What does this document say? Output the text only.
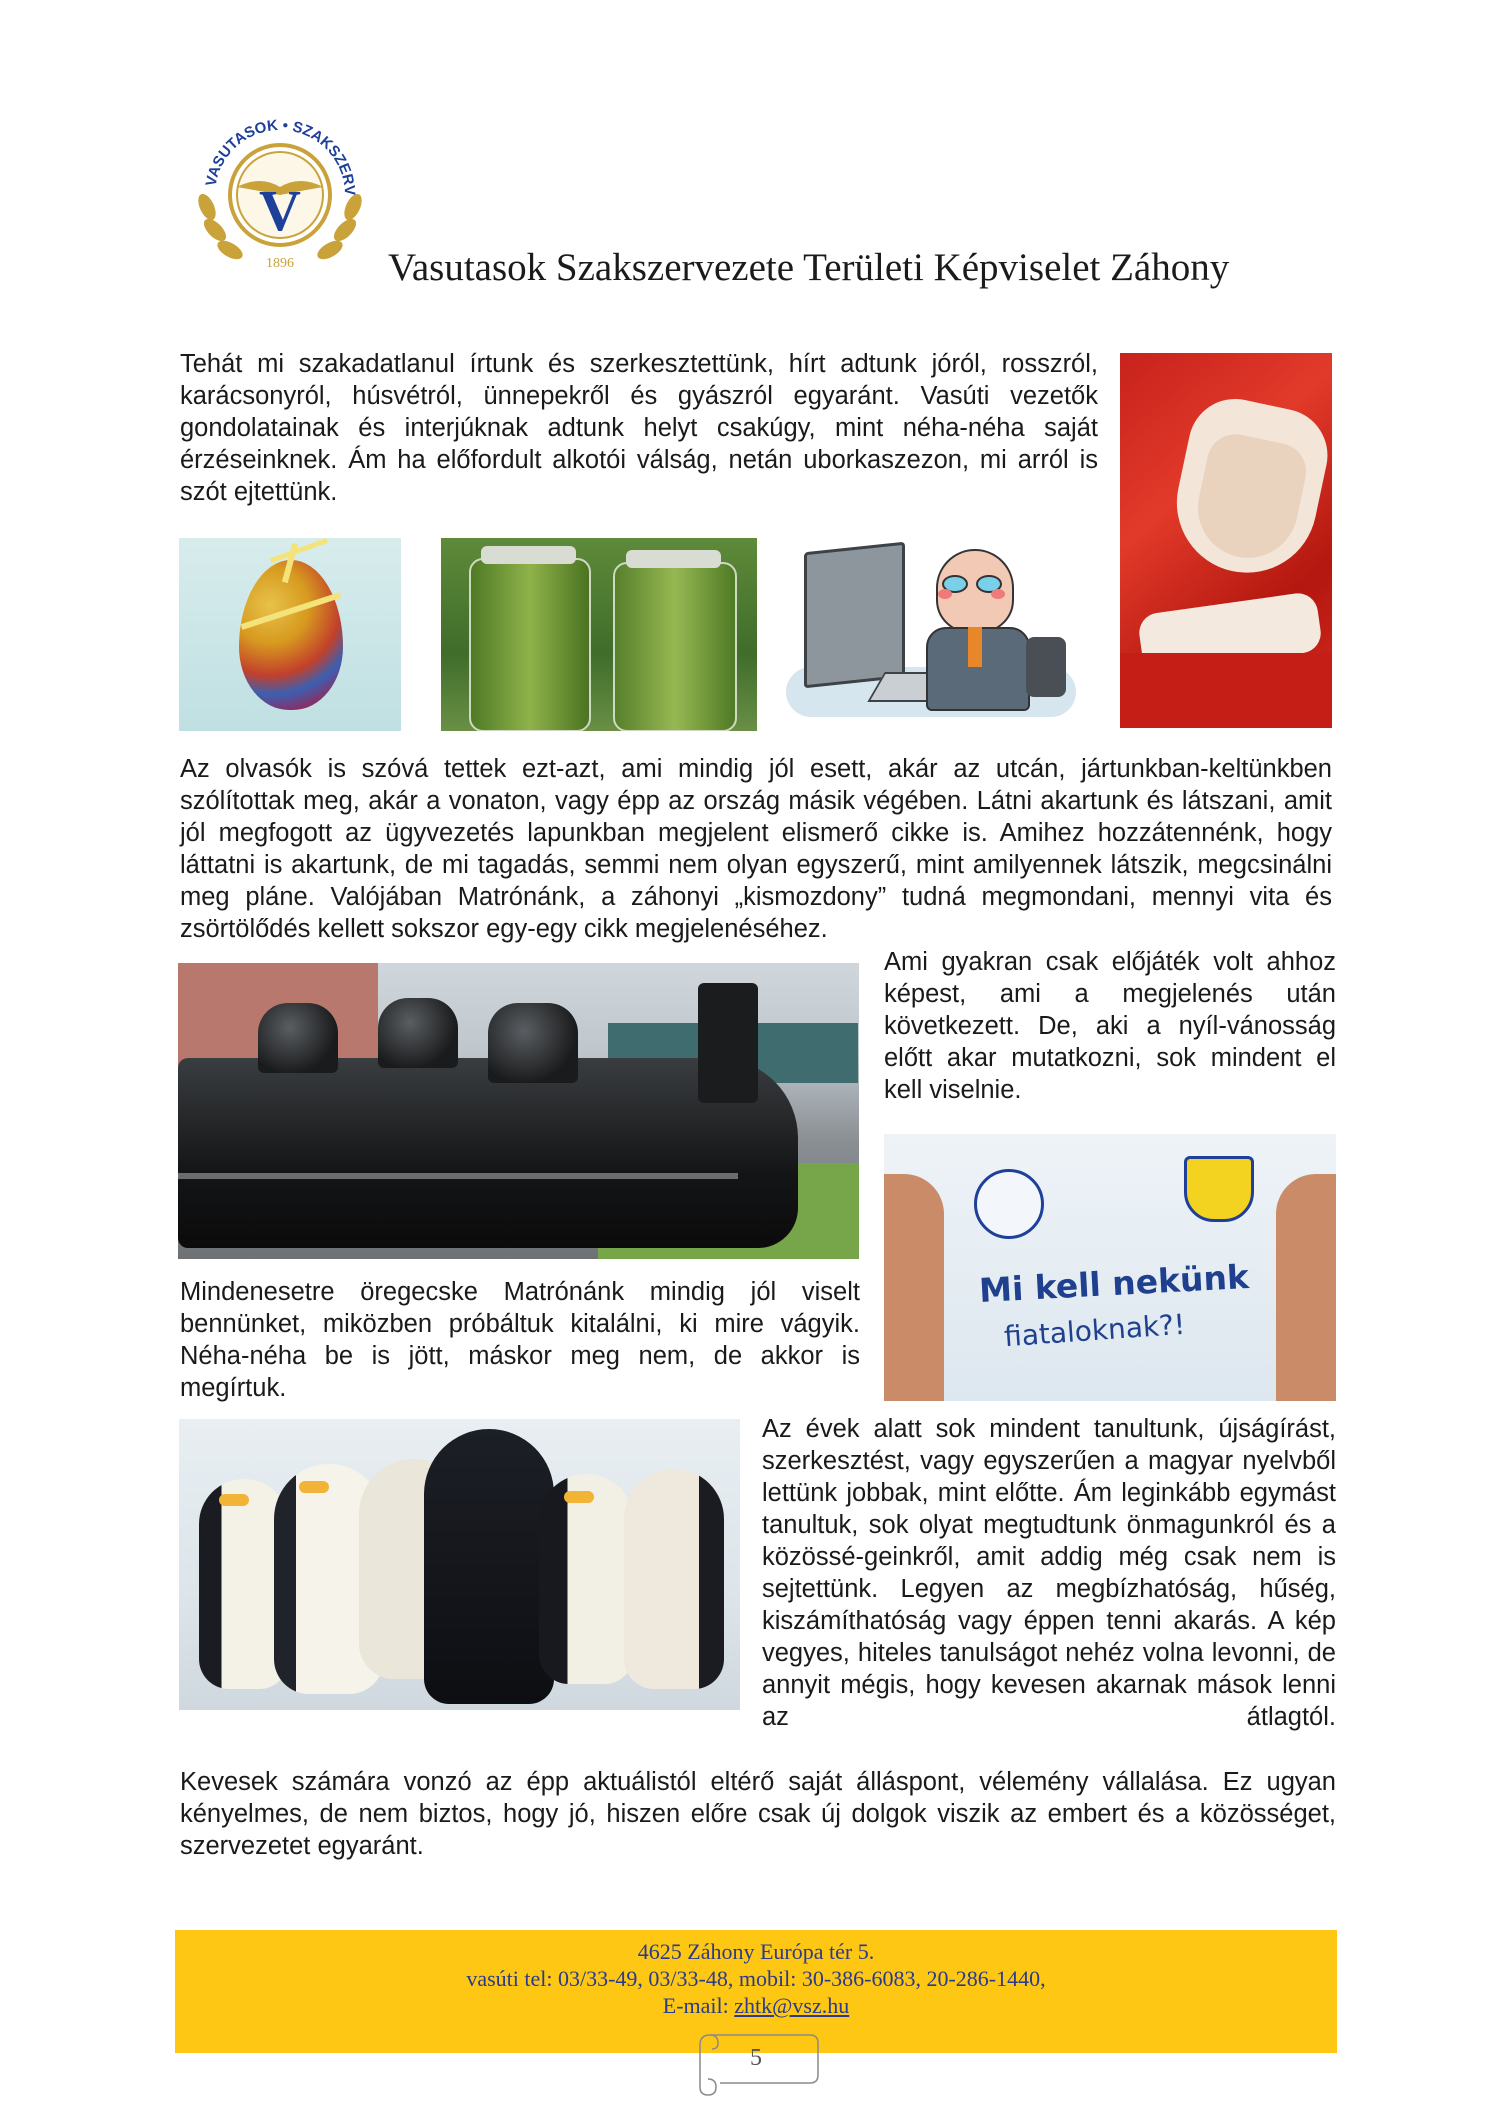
VASUTASOK • SZAKSZERV
V
1896 Vasutasok Szakszervezete Területi Képviselet Záhony

Tehát mi szakadatlanul írtunk és szerkesztettünk, hírt adtunk jóról, rosszról, karácsonyról, húsvétról, ünnepekről és gyászról egyaránt. Vasúti vezetők gondolatainak és interjúknak adtunk helyt csakúgy, mint néha-néha saját érzéseinknek. Ám ha előfordult alkotói válság, netán uborkaszezon, mi arról is szót ejtettünk.

Az olvasók is szóvá tettek ezt-azt, ami mindig jól esett, akár az utcán, jártunkban-keltünkben szólítottak meg, akár a vonaton, vagy épp az ország másik végében. Látni akartunk és látszani, amit jól megfogott az ügyvezetés lapunkban megjelent elismerő cikke is. Amihez hozzátennénk, hogy láttatni is akartunk, de mi tagadás, semmi nem olyan egyszerű, mint amilyennek látszik, megcsinálni meg pláne. Valójában Matrónánk, a záhonyi „kismozdony” tudná megmondani, mennyi vita és zsörtölődés kellett sokszor egy-egy cikk megjelenéséhez.

Ami gyakran csak előjáték volt ahhoz képest, ami a megjelenés után következett. De, aki a nyíl-vánosság előtt akar mutatkozni, sok mindent el kell viselnie.

Mi kell nekünk
fiataloknak?!

Mindenesetre öregecske Matrónánk mindig jól viselt bennünket, miközben próbáltuk kitalálni, ki mire vágyik. Néha-néha be is jött, máskor meg nem, de akkor is megírtuk.

Az évek alatt sok mindent tanultunk, újságírást, szerkesztést, vagy egyszerűen a magyar nyelvből lettünk jobbak, mint előtte. Ám leginkább egymást tanultuk, sok olyat megtudtunk önmagunkról és a közössé-geinkről, amit addig még csak nem is sejtettünk. Legyen az megbízhatóság, hűség, kiszámíthatóság vagy éppen tenni akarás. A kép vegyes, hiteles tanulságot nehéz volna levonni, de annyit mégis, hogy kevesen akarnak mások lenni az átlagtól.

Kevesek számára vonzó az épp aktuálistól eltérő saját álláspont, vélemény vállalása. Ez ugyan kényelmes, de nem biztos, hogy jó, hiszen előre csak új dolgok viszik az embert és a közösséget, szervezetet egyaránt.

4625 Záhony Európa tér 5.
vasúti tel: 03/33-49, 03/33-48, mobil: 30-386-6083, 20-286-1440,
E-mail: zhtk@vsz.hu
5
